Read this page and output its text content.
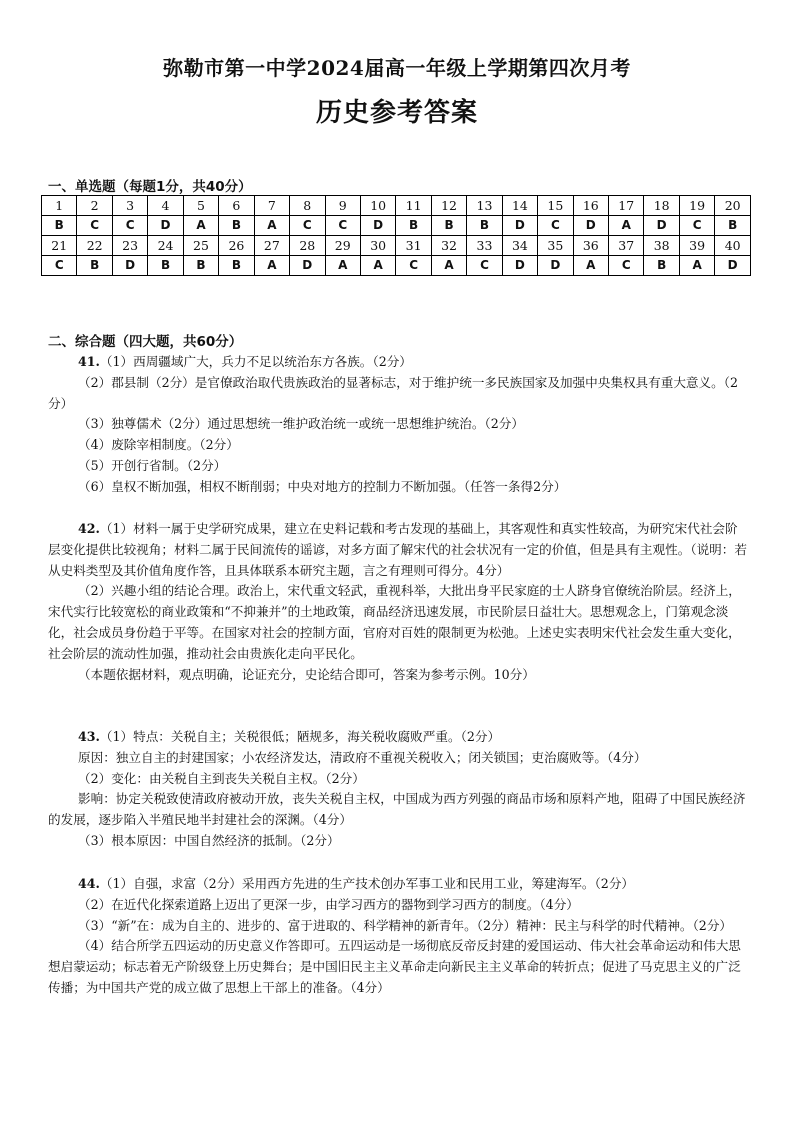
弥勒市第一中学2024届高一年级上学期第四次月考
历史参考答案
一、单选题（每题1分，共40分）
1	2	3	4	5	6	7	8	9	10	11	12	13	14	15	16	17	18	19	20
B	C	C	D	A	B	A	C	C	D	B	B	B	D	C	D	A	D	C	B
21	22	23	24	25	26	27	28	29	30	31	32	33	34	35	36	37	38	39	40
C	B	D	B	B	B	A	D	A	A	C	A	C	D	D	A	C	B	A	D
二、综合题（四大题，共60分）

41.（1）西周疆域广大，兵力不足以统治东方各族。（2分）

（2）郡县制（2分）是官僚政治取代贵族政治的显著标志，对于维护统一多民族国家及加强中央集权具有重大意义。（2分）

（3）独尊儒术（2分）通过思想统一维护政治统一或统一思想维护统治。（2分）

（4）废除宰相制度。（2分）

（5）开创行省制。（2分）

（6）皇权不断加强，相权不断削弱；中央对地方的控制力不断加强。（任答一条得2分）

42.（1）材料一属于史学研究成果，建立在史料记载和考古发现的基础上，其客观性和真实性较高，为研究宋代社会阶层变化提供比较视角；材料二属于民间流传的谣谚，对多方面了解宋代的社会状况有一定的价值，但是具有主观性。（说明：若从史料类型及其价值角度作答，且具体联系本研究主题，言之有理则可得分。4分）

（2）兴趣小组的结论合理。政治上，宋代重文轻武，重视科举，大批出身平民家庭的士人跻身官僚统治阶层。经济上，宋代实行比较宽松的商业政策和“不抑兼并”的土地政策，商品经济迅速发展，市民阶层日益壮大。思想观念上，门第观念淡化，社会成员身份趋于平等。在国家对社会的控制方面，官府对百姓的限制更为松弛。上述史实表明宋代社会发生重大变化，社会阶层的流动性加强，推动社会由贵族化走向平民化。

（本题依据材料，观点明确，论证充分，史论结合即可，答案为参考示例。10分）

43.（1）特点：关税自主；关税很低；陋规多，海关税收腐败严重。（2分）

原因：独立自主的封建国家；小农经济发达，清政府不重视关税收入；闭关锁国；吏治腐败等。（4分）

（2）变化：由关税自主到丧失关税自主权。（2分）

影响：协定关税致使清政府被动开放，丧失关税自主权，中国成为西方列强的商品市场和原料产地，阻碍了中国民族经济的发展，逐步陷入半殖民地半封建社会的深渊。（4分）

（3）根本原因：中国自然经济的抵制。（2分）

44.（1）自强，求富（2分）采用西方先进的生产技术创办军事工业和民用工业，筹建海军。（2分）

（2）在近代化探索道路上迈出了更深一步，由学习西方的器物到学习西方的制度。（4分）

（3）“新”在：成为自主的、进步的、富于进取的、科学精神的新青年。（2分）精神：民主与科学的时代精神。（2分）

（4）结合所学五四运动的历史意义作答即可。五四运动是一场彻底反帝反封建的爱国运动、伟大社会革命运动和伟大思想启蒙运动；标志着无产阶级登上历史舞台；是中国旧民主主义革命走向新民主主义革命的转折点；促进了马克思主义的广泛传播；为中国共产党的成立做了思想上干部上的准备。（4分）
